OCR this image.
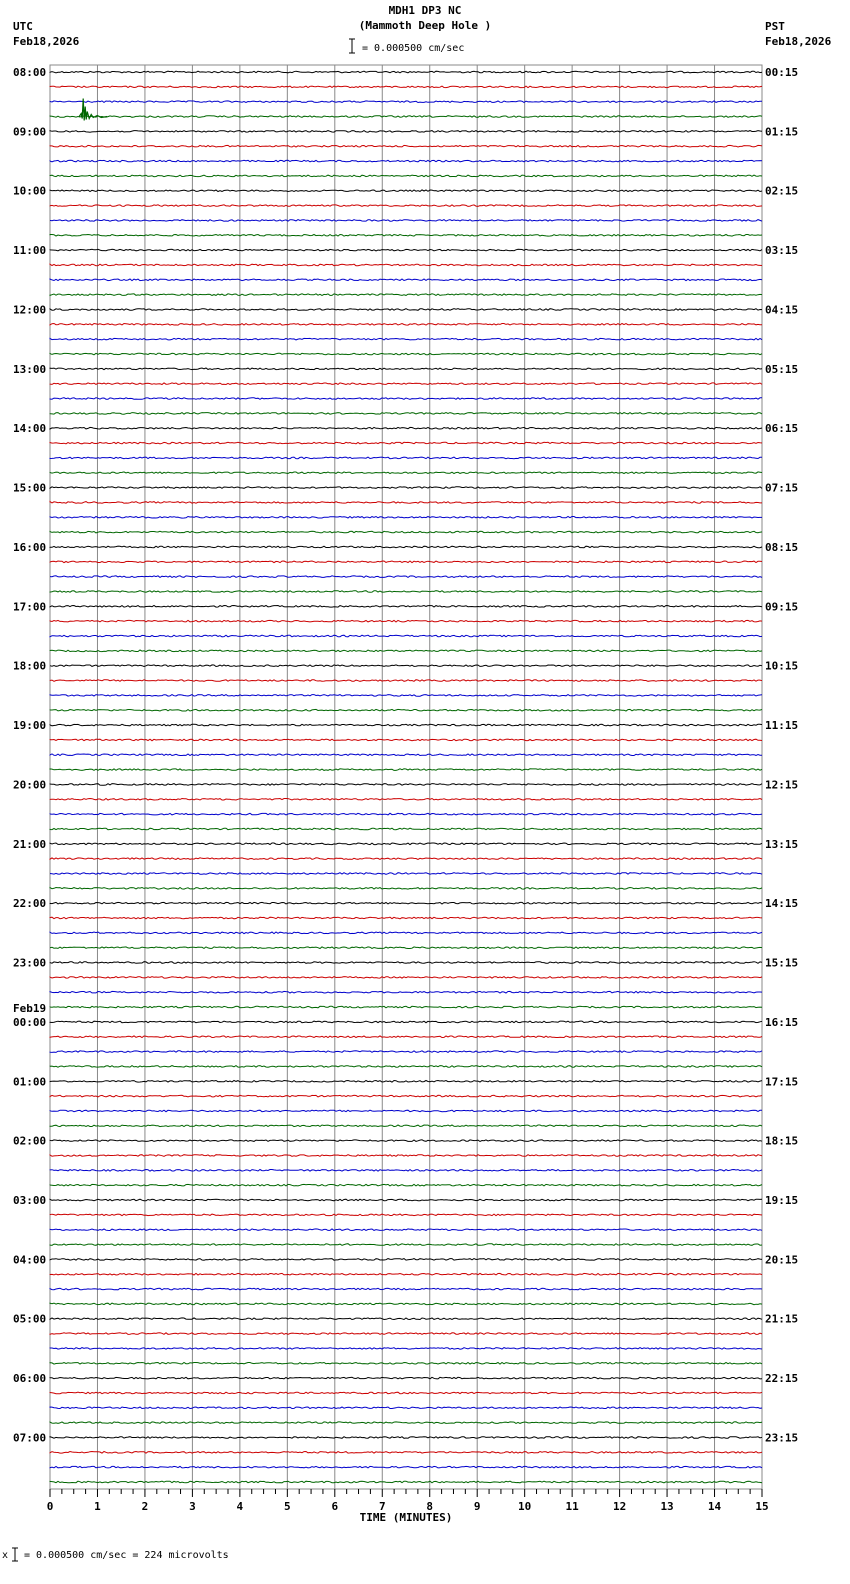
MDH1 DP3 NC
(Mammoth Deep Hole )
= 0.000500 cm/sec
UTC
Feb18,2026
PST
Feb18,2026
x = 0.000500 cm/sec = 224 microvolts
0	1	2	3	4	5	6	7	8	9	10	11	12	13	14	15
TIME (MINUTES)
08:00
09:00
10:00
11:00
12:00
13:00
14:00
15:00
16:00
17:00
18:00
19:00
20:00
21:00
22:00
23:00
00:00
Feb19
01:00
02:00
03:00
04:00
05:00
06:00
07:00
00:15
01:15
02:15
03:15
04:15
05:15
06:15
07:15
08:15
09:15
10:15
11:15
12:15
13:15
14:15
15:15
16:15
17:15
18:15
19:15
20:15
21:15
22:15
23:15
